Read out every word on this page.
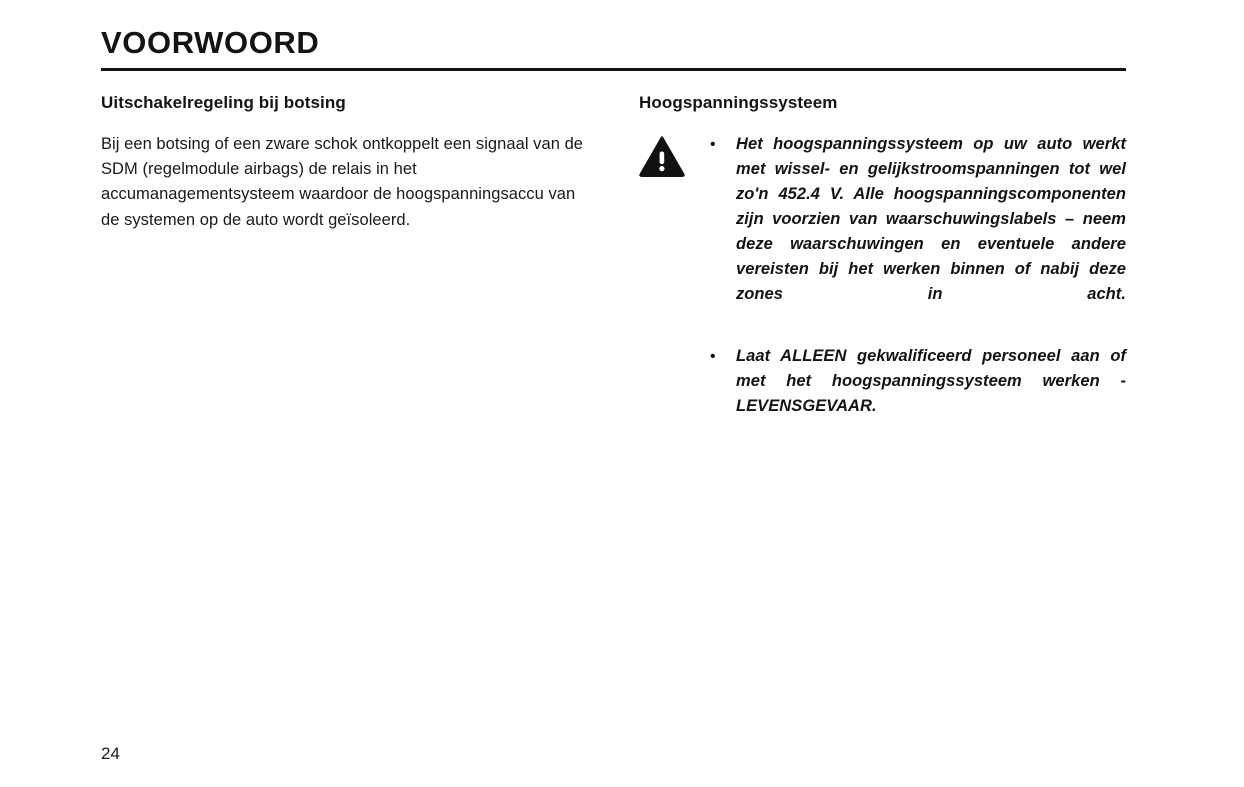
VOORWOORD
Uitschakelregeling bij botsing

Bij een botsing of een zware schok ontkoppelt een signaal van de SDM (regelmodule airbags) de relais in het accumanagementsysteem waardoor de hoogspanningsaccu van de systemen op de auto wordt geïsoleerd.

Hoogspanningssysteem
•	Het hoogspanningssysteem op uw auto werkt met wissel- en gelijkstroomspanningen tot wel zo'n 452.4 V. Alle hoogspanningscomponenten zijn voorzien van waarschuwingslabels – neem deze waarschuwingen en eventuele andere vereisten bij het werken binnen of nabij deze zones in acht.
•	Laat ALLEEN gekwalificeerd personeel aan of met het hoogspanningssysteem werken - LEVENSGEVAAR.
24
